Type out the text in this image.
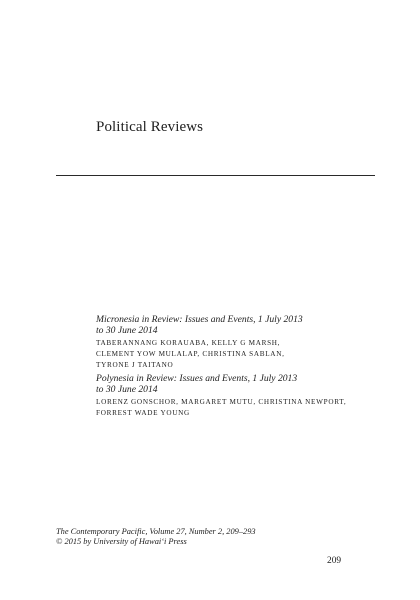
Political Reviews
Micronesia in Review: Issues and Events, 1 July 2013
to 30 June 2014
TABERANNANG KORAUABA, KELLY G MARSH,
CLEMENT YOW MULALAP, CHRISTINA SABLAN,
TYRONE J TAITANO
Polynesia in Review: Issues and Events, 1 July 2013
to 30 June 2014
LORENZ GONSCHOR, MARGARET MUTU, CHRISTINA NEWPORT,
FORREST WADE YOUNG
The Contemporary Pacific, Volume 27, Number 2, 209–293
© 2015 by University of Hawai‘i Press
209
